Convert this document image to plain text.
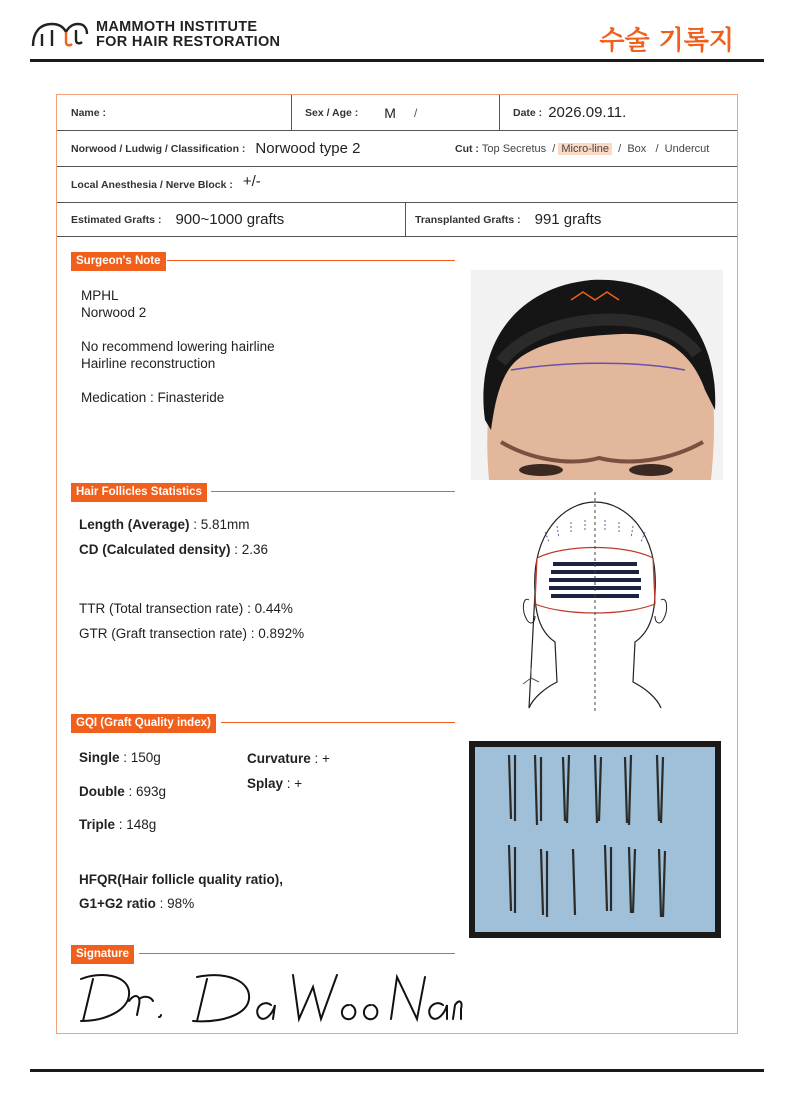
MAMMOTH INSTITUTE
FOR HAIR RESTORATION	수술 기록지
Name :	Sex / Age : M /	Date : 2026.09.11.
Norwood / Ludwig / Classification : Norwood type 2	Cut : Top Secretus  / Micro-line  /  Box   /  Undercut
Local Anesthesia / Nerve Block : +/-
Estimated Grafts : 900~1000 grafts	Transplanted Grafts : 991 grafts
Surgeon's Note
MPHL
Norwood 2
No recommend lowering hairline
Hairline reconstruction
Medication : Finasteride
Hair Follicles Statistics
Length (Average) : 5.81mm
CD (Calculated density) : 2.36
TTR (Total transection rate) : 0.44%
GTR (Graft transection rate) : 0.892%
GQI (Graft Quality index)
Single : 150g
Double : 693g
Triple : 148g
Curvature : +
Splay : +
HFQR(Hair follicle quality ratio),
G1+G2 ratio : 98%
Signature
